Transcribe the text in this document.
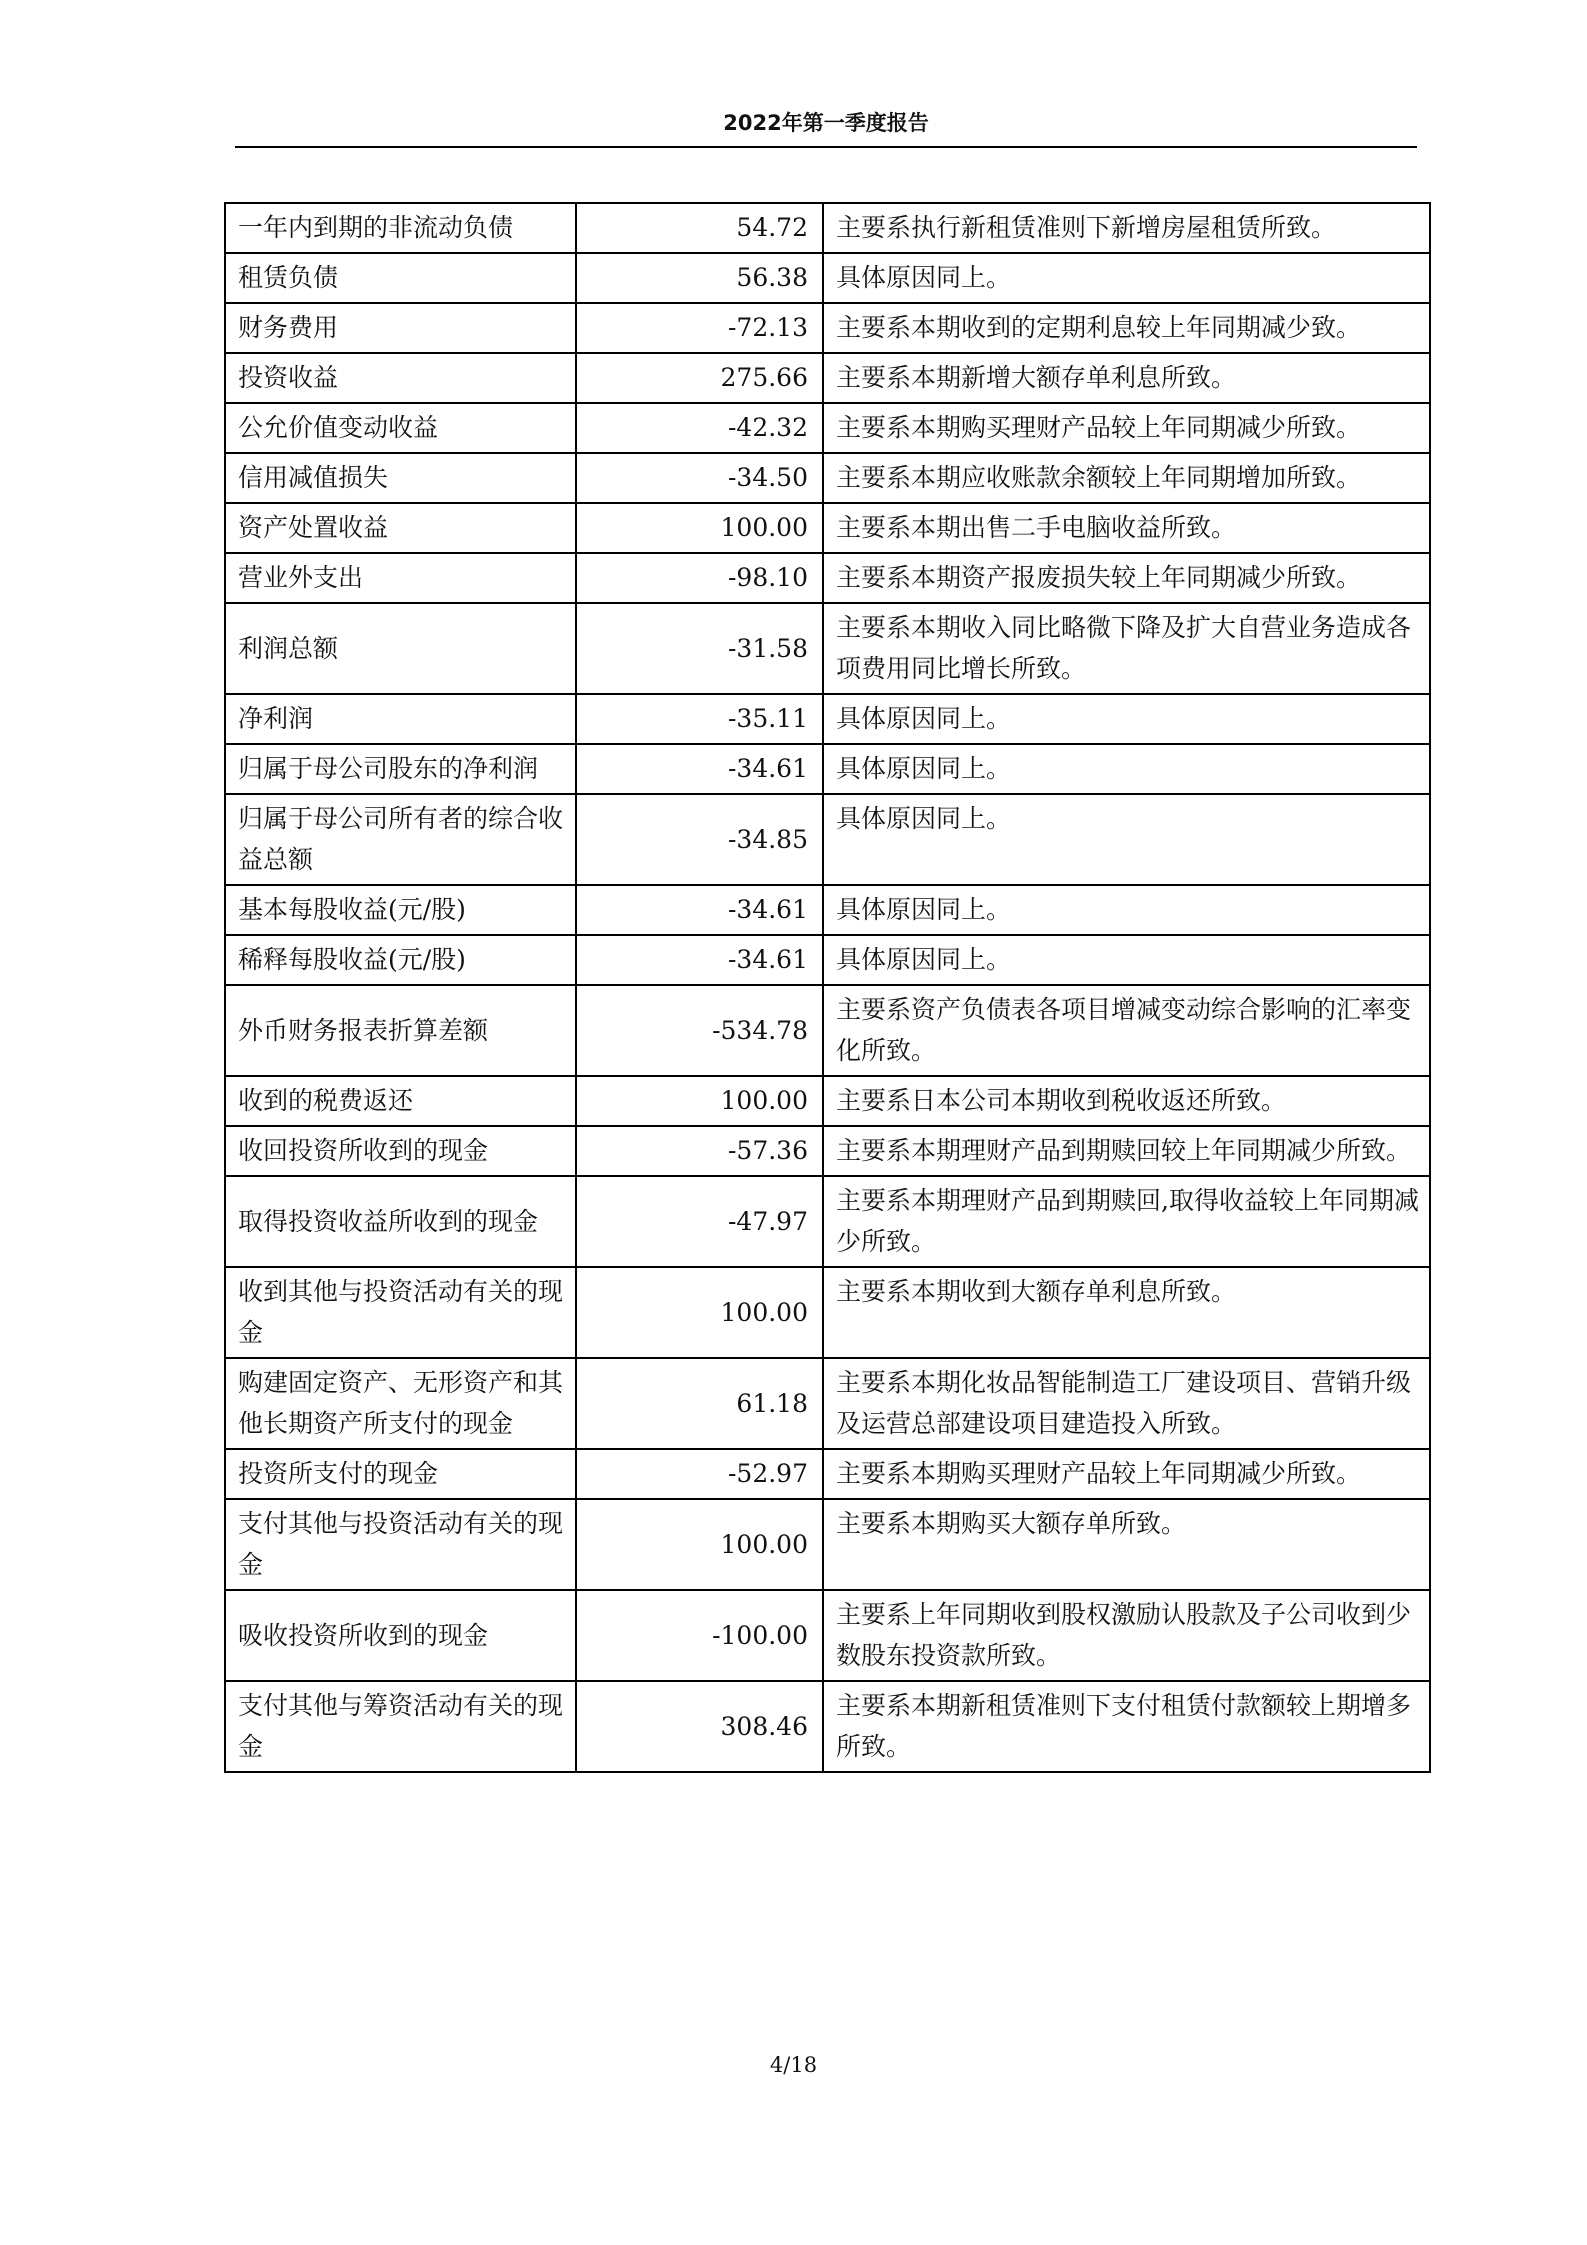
2022年第一季度报告
一年内到期的非流动负债	54.72	主要系执行新租赁准则下新增房屋租赁所致。
租赁负债	56.38	具体原因同上。
财务费用	-72.13	主要系本期收到的定期利息较上年同期减少致。
投资收益	275.66	主要系本期新增大额存单利息所致。
公允价值变动收益	-42.32	主要系本期购买理财产品较上年同期减少所致。
信用减值损失	-34.50	主要系本期应收账款余额较上年同期增加所致。
资产处置收益	100.00	主要系本期出售二手电脑收益所致。
营业外支出	-98.10	主要系本期资产报废损失较上年同期减少所致。
利润总额	-31.58	主要系本期收入同比略微下降及扩大自营业务造成各项费用同比增长所致。
净利润	-35.11	具体原因同上。
归属于母公司股东的净利润	-34.61	具体原因同上。
归属于母公司所有者的综合收益总额	-34.85	具体原因同上。
基本每股收益(元/股)	-34.61	具体原因同上。
稀释每股收益(元/股)	-34.61	具体原因同上。
外币财务报表折算差额	-534.78	主要系资产负债表各项目增减变动综合影响的汇率变化所致。
收到的税费返还	100.00	主要系日本公司本期收到税收返还所致。
收回投资所收到的现金	-57.36	主要系本期理财产品到期赎回较上年同期减少所致。
取得投资收益所收到的现金	-47.97	主要系本期理财产品到期赎回,取得收益较上年同期减少所致。
收到其他与投资活动有关的现金	100.00	主要系本期收到大额存单利息所致。
购建固定资产、无形资产和其他长期资产所支付的现金	61.18	主要系本期化妆品智能制造工厂建设项目、营销升级及运营总部建设项目建造投入所致。
投资所支付的现金	-52.97	主要系本期购买理财产品较上年同期减少所致。
支付其他与投资活动有关的现金	100.00	主要系本期购买大额存单所致。
吸收投资所收到的现金	-100.00	主要系上年同期收到股权激励认股款及子公司收到少数股东投资款所致。
支付其他与筹资活动有关的现金	308.46	主要系本期新租赁准则下支付租赁付款额较上期增多所致。
4/18
